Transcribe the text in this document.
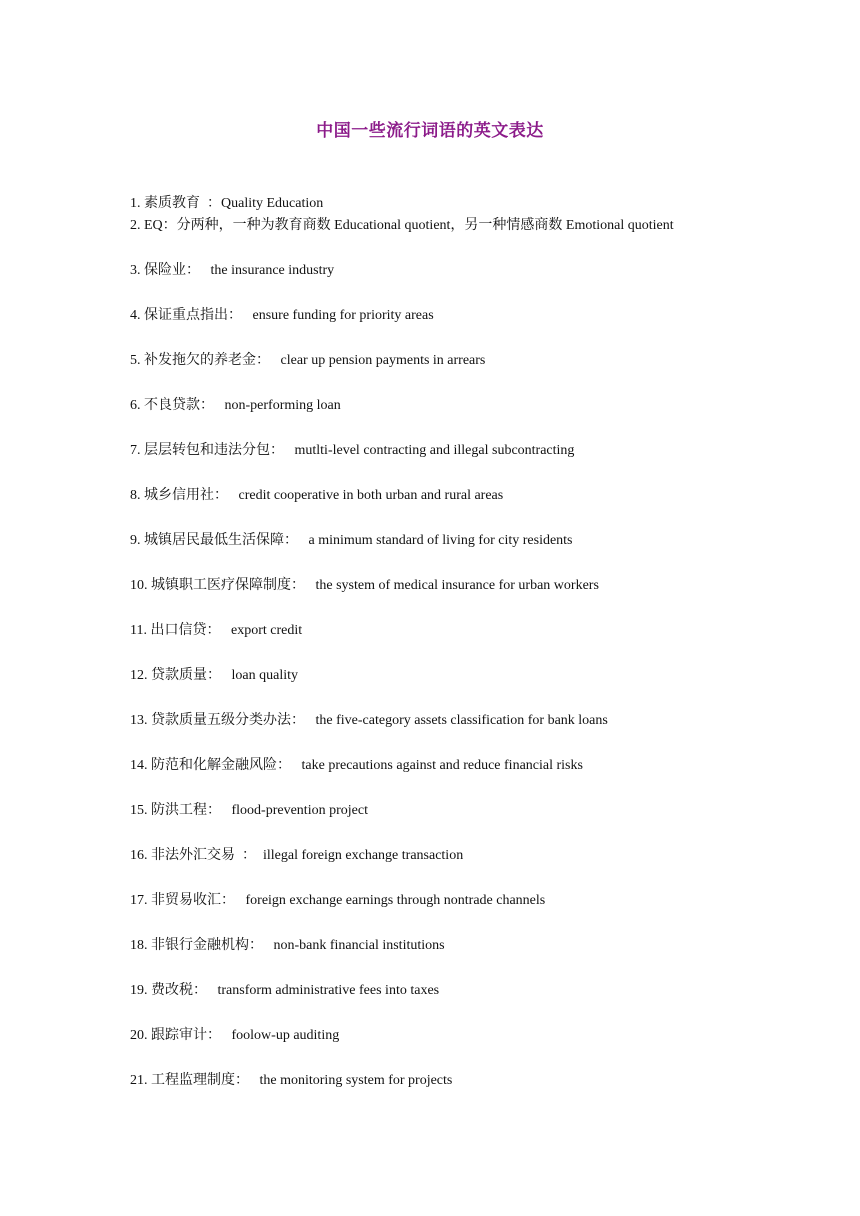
中国一些流行词语的英文表达
1. 素质教育  ：Quality Education
2. EQ：分两种，一种为教育商数 Educational quotient，另一种情感商数 Emotional quotient
3. 保险业： the insurance industry
4. 保证重点指出： ensure funding for priority areas
5. 补发拖欠的养老金： clear up pension payments in arrears
6. 不良贷款： non-performing loan
7. 层层转包和违法分包： mutlti-level contracting and illegal subcontracting
8. 城乡信用社： credit cooperative in both urban and rural areas
9. 城镇居民最低生活保障： a minimum standard of living for city residents
10. 城镇职工医疗保障制度： the system of medical insurance for urban workers
11. 出口信贷： export credit
12. 贷款质量： loan quality
13. 贷款质量五级分类办法： the five-category assets classification for bank loans
14. 防范和化解金融风险： take precautions against and reduce financial risks
15. 防洪工程： flood-prevention project
16. 非法外汇交易  ：  illegal foreign exchange transaction
17. 非贸易收汇： foreign exchange earnings through nontrade channels
18. 非银行金融机构： non-bank financial institutions
19. 费改税： transform administrative fees into taxes
20. 跟踪审计： foolow-up auditing
21. 工程监理制度： the monitoring system for projects
